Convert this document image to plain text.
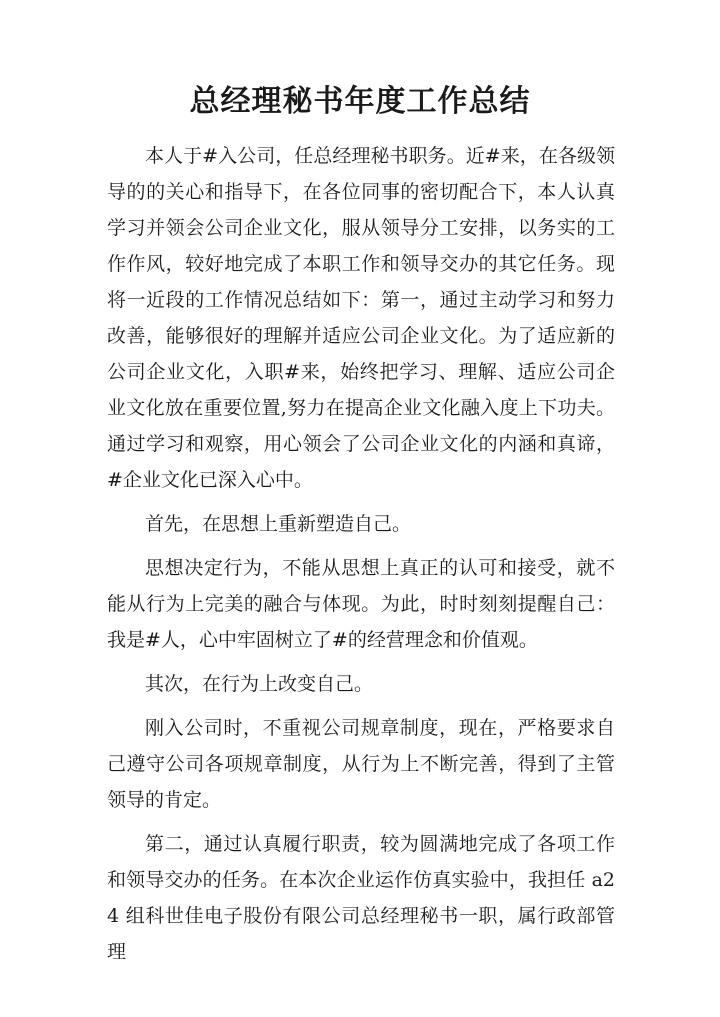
总经理秘书年度工作总结

本人于#入公司，任总经理秘书职务。近#来，在各级领导的的关心和指导下，在各位同事的密切配合下，本人认真学习并领会公司企业文化，服从领导分工安排，以务实的工作作风，较好地完成了本职工作和领导交办的其它任务。现将一近段的工作情况总结如下：第一，通过主动学习和努力改善，能够很好的理解并适应公司企业文化。为了适应新的公司企业文化，入职#来，始终把学习、理解、适应公司企业文化放在重要位置,努力在提高企业文化融入度上下功夫。通过学习和观察，用心领会了公司企业文化的内涵和真谛，#企业文化已深入心中。

首先，在思想上重新塑造自己。

思想决定行为，不能从思想上真正的认可和接受，就不能从行为上完美的融合与体现。为此，时时刻刻提醒自己：我是#人，心中牢固树立了#的经营理念和价值观。

其次，在行为上改变自己。

刚入公司时，不重视公司规章制度，现在，严格要求自己遵守公司各项规章制度，从行为上不断完善，得到了主管领导的肯定。

第二，通过认真履行职责，较为圆满地完成了各项工作和领导交办的任务。在本次企业运作仿真实验中，我担任 a24 组科世佳电子股份有限公司总经理秘书一职，属行政部管理
